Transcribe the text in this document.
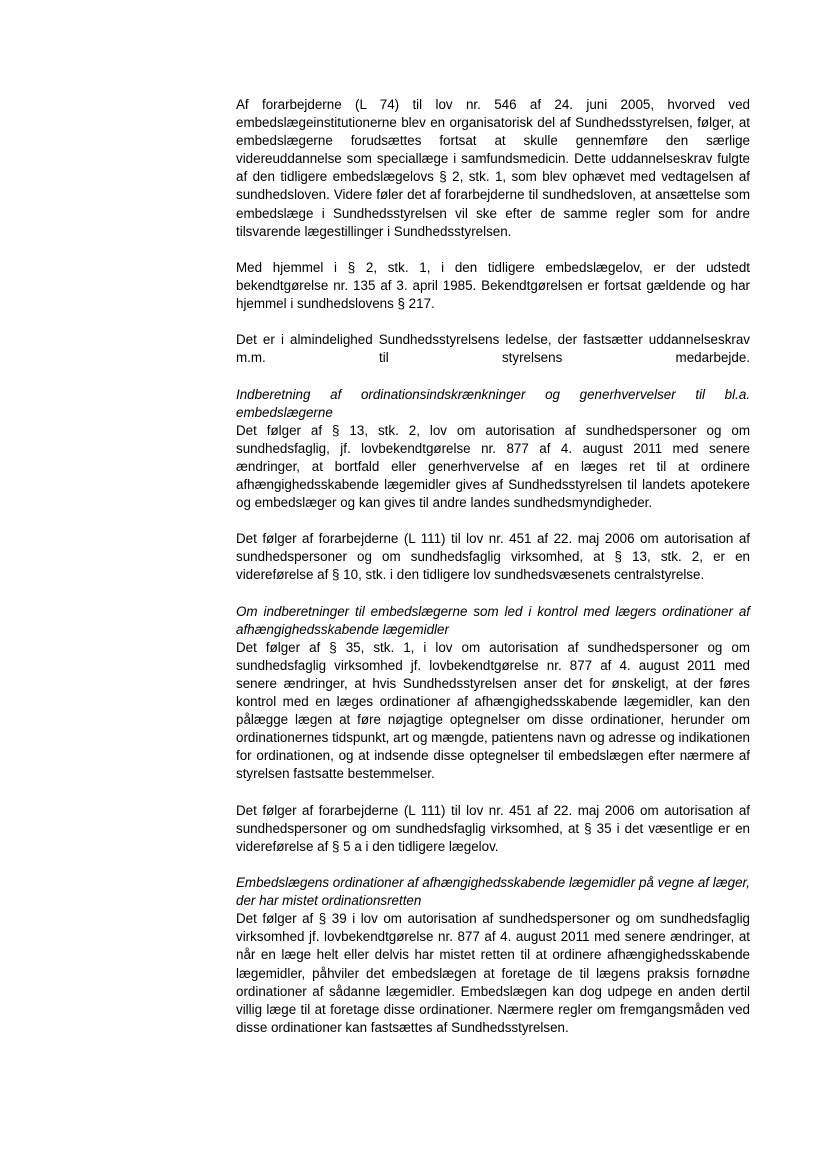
Af forarbejderne (L 74) til lov nr. 546 af 24. juni 2005, hvorved ved embedslægeinstitutionerne blev en organisatorisk del af Sundhedsstyrelsen, følger, at embedslægerne forudsættes fortsat at skulle gennemføre den særlige videreuddannelse som speciallæge i samfundsmedicin. Dette uddannelseskrav fulgte af den tidligere embedslægelovs § 2, stk. 1, som blev ophævet med vedtagelsen af sundhedsloven. Videre føler det af forarbejderne til sundhedsloven, at ansættelse som embedslæge i Sundhedsstyrelsen vil ske efter de samme regler som for andre tilsvarende lægestillinger i Sundhedsstyrelsen.

Med hjemmel i § 2, stk. 1, i den tidligere embedslægelov, er der udstedt bekendtgørelse nr. 135 af 3. april 1985. Bekendtgørelsen er fortsat gældende og har hjemmel i sundhedslovens § 217.

Det er i almindelighed Sundhedsstyrelsens ledelse, der fastsætter uddannelseskrav m.m. til styrelsens medarbejde.

Indberetning af ordinationsindskrænkninger og generhvervelser til bl.a. embedslægerne
Det følger af § 13, stk. 2, lov om autorisation af sundhedspersoner og om sundhedsfaglig, jf. lovbekendtgørelse nr. 877 af 4. august 2011 med senere ændringer, at bortfald eller generhvervelse af en læges ret til at ordinere afhængighedsskabende lægemidler gives af Sundhedsstyrelsen til landets apotekere og embedslæger og kan gives til andre landes sundhedsmyndigheder.

Det følger af forarbejderne (L 111) til lov nr. 451 af 22. maj 2006 om autorisation af sundhedspersoner og om sundhedsfaglig virksomhed, at § 13, stk. 2, er en videreførelse af § 10, stk. i den tidligere lov sundhedsvæsenets centralstyrelse.

Om indberetninger til embedslægerne som led i kontrol med lægers ordinationer af afhængighedsskabende lægemidler
Det følger af § 35, stk. 1, i lov om autorisation af sundhedspersoner og om sundhedsfaglig virksomhed jf. lovbekendtgørelse nr. 877 af 4. august 2011 med senere ændringer, at hvis Sundhedsstyrelsen anser det for ønskeligt, at der føres kontrol med en læges ordinationer af afhængighedsskabende lægemidler, kan den pålægge lægen at føre nøjagtige optegnelser om disse ordinationer, herunder om ordinationernes tidspunkt, art og mængde, patientens navn og adresse og indikationen for ordinationen, og at indsende disse optegnelser til embedslægen efter nærmere af styrelsen fastsatte bestemmelser.

Det følger af forarbejderne (L 111) til lov nr. 451 af 22. maj 2006 om autorisation af sundhedspersoner og om sundhedsfaglig virksomhed, at § 35 i det væsentlige er en videreførelse af § 5 a i den tidligere lægelov.

Embedslægens ordinationer af afhængighedsskabende lægemidler på vegne af læger, der har mistet ordinationsretten
Det følger af § 39 i lov om autorisation af sundhedspersoner og om sundhedsfaglig virksomhed jf. lovbekendtgørelse nr. 877 af 4. august 2011 med senere ændringer, at når en læge helt eller delvis har mistet retten til at ordinere afhængighedsskabende lægemidler, påhviler det embedslægen at foretage de til lægens praksis fornødne ordinationer af sådanne lægemidler. Embedslægen kan dog udpege en anden dertil villig læge til at foretage disse ordinationer. Nærmere regler om fremgangsmåden ved disse ordinationer kan fastsættes af Sundhedsstyrelsen.
